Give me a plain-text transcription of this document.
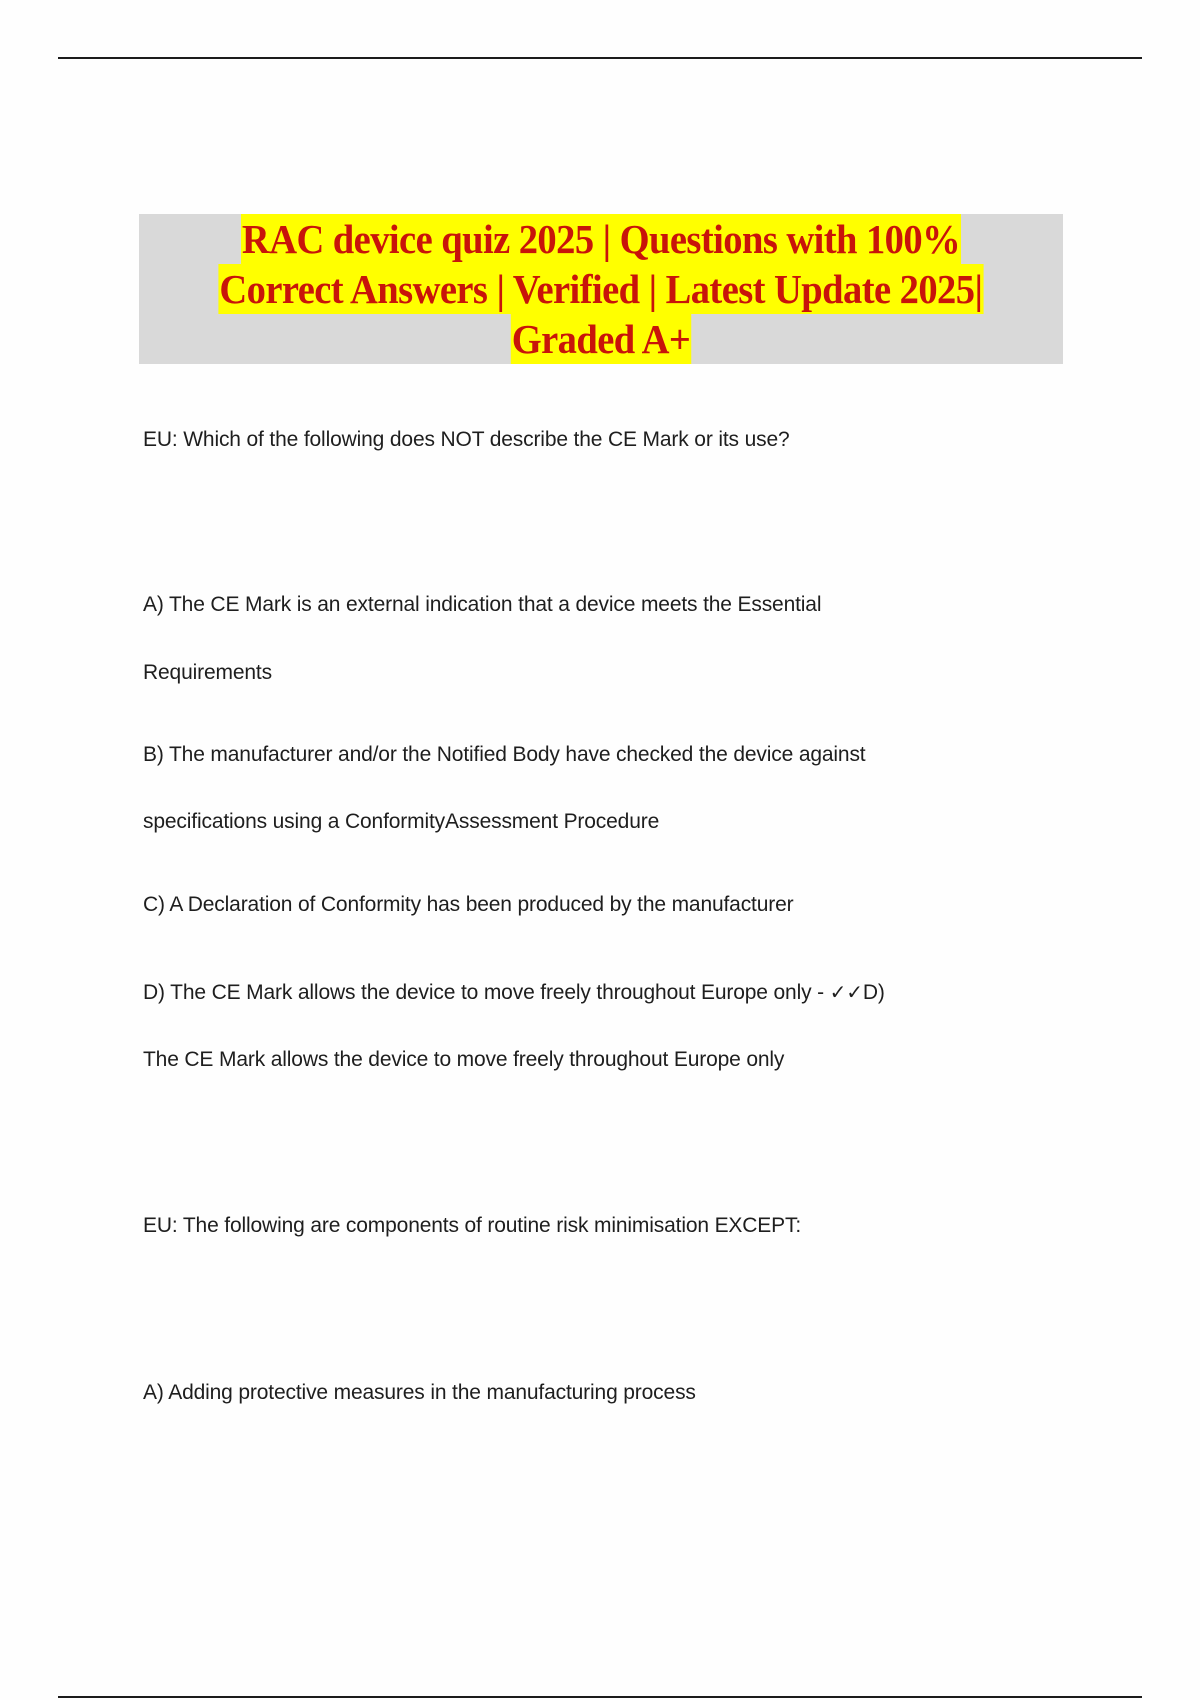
RAC device quiz 2025 | Questions with 100%
Correct Answers | Verified | Latest Update 2025|
Graded A+
EU: Which of the following does NOT describe the CE Mark or its use?
A) The CE Mark is an external indication that a device meets the Essential
Requirements
B) The manufacturer and/or the Notified Body have checked the device against
specifications using a ConformityAssessment Procedure
C) A Declaration of Conformity has been produced by the manufacturer
D) The CE Mark allows the device to move freely throughout Europe only - ✓✓D)
The CE Mark allows the device to move freely throughout Europe only
EU: The following are components of routine risk minimisation EXCEPT:
A) Adding protective measures in the manufacturing process
